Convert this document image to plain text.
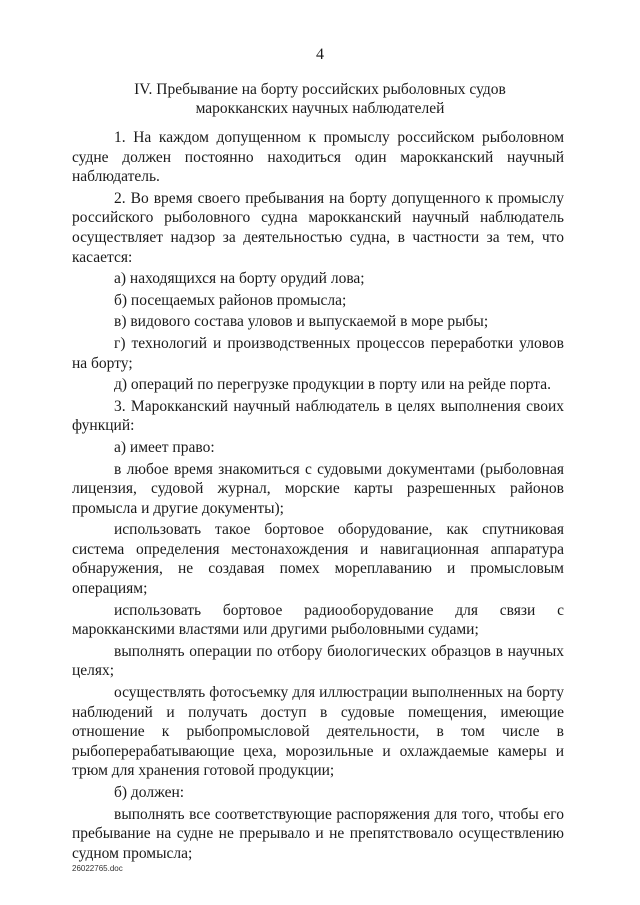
4
IV. Пребывание на борту российских рыболовных судов
марокканских научных наблюдателей

1. На каждом допущенном к промыслу российском рыболовном судне должен постоянно находиться один марокканский научный наблюдатель.

2. Во время своего пребывания на борту допущенного к промыслу российского рыболовного судна марокканский научный наблюдатель осуществляет надзор за деятельностью судна, в частности за тем, что касается:

а) находящихся на борту орудий лова;

б) посещаемых районов промысла;

в) видового состава уловов и выпускаемой в море рыбы;

г) технологий и производственных процессов переработки уловов на борту;

д) операций по перегрузке продукции в порту или на рейде порта.

3. Марокканский научный наблюдатель в целях выполнения своих функций:

а) имеет право:

в любое время знакомиться с судовыми документами (рыболовная лицензия, судовой журнал, морские карты разрешенных районов промысла и другие документы);

использовать такое бортовое оборудование, как спутниковая система определения местонахождения и навигационная аппаратура обнаружения, не создавая помех мореплаванию и промысловым операциям;

использовать бортовое радиооборудование для связи с марокканскими властями или другими рыболовными судами;

выполнять операции по отбору биологических образцов в научных целях;

осуществлять фотосъемку для иллюстрации выполненных на борту наблюдений и получать доступ в судовые помещения, имеющие отношение к рыбопромысловой деятельности, в том числе в рыбоперерабатывающие цеха, морозильные и охлаждаемые камеры и трюм для хранения готовой продукции;

б) должен:

выполнять все соответствующие распоряжения для того, чтобы его пребывание на судне не прерывало и не препятствовало осуществлению судном промысла;

26022765.doc
